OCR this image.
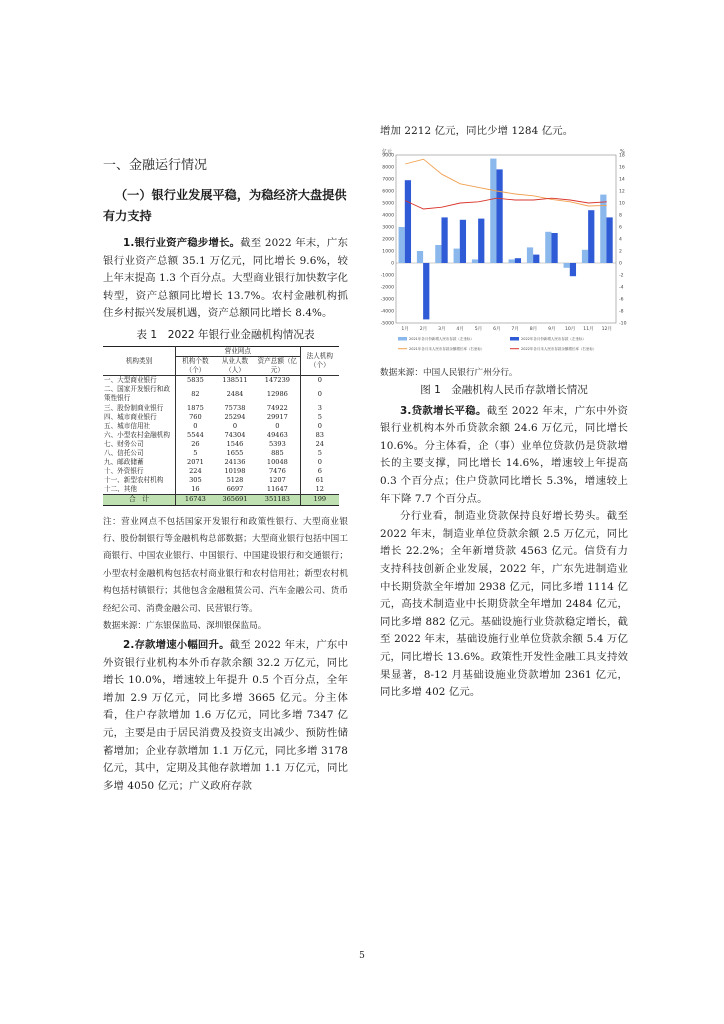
一、金融运行情况
（一）银行业发展平稳，为稳经济大盘提供有力支持

1.银行业资产稳步增长。截至 2022 年末，广东银行业资产总额 35.1 万亿元，同比增长 9.6%，较上年末提高 1.3 个百分点。大型商业银行加快数字化转型，资产总额同比增长 13.7%。农村金融机构抓住乡村振兴发展机遇，资产总额同比增长 8.4%。

表 1　2022 年银行业金融机构情况表
机构类别	营业网点			法人机构（个）
	机构个数（个）	从业人数（人）	资产总额（亿元）	
一、大型商业银行	5835	138511	147239	0
二、国家开发银行和政策性银行	82	2484	12986	0
三、股份制商业银行	1875	75738	74922	3
四、城市商业银行	760	25294	29917	5
五、城市信用社	0	0	0	0
六、小型农村金融机构	5544	74304	49463	83
七、财务公司	26	1546	5393	24
八、信托公司	5	1655	885	5
九、邮政储蓄	2071	24136	10048	0
十、外资银行	224	10198	7476	6
十一、新型农村机构	305	5128	1207	61
十二、其他	16	6697	11647	12
合　计	16743	365691	351183	199

注：营业网点不包括国家开发银行和政策性银行、大型商业银行、股份制银行等金融机构总部数据；大型商业银行包括中国工商银行、中国农业银行、中国银行、中国建设银行和交通银行；小型农村金融机构包括农村商业银行和农村信用社；新型农村机构包括村镇银行；其他包含金融租赁公司、汽车金融公司、货币经纪公司、消费金融公司、民营银行等。

数据来源：广东银保监局、深圳银保监局。

2.存款增速小幅回升。截至 2022 年末，广东中外资银行业机构本外币存款余额 32.2 万亿元，同比增长 10.0%，增速较上年提升 0.5 个百分点，全年增加 2.9 万亿元，同比多增 3665 亿元。分主体看，住户存款增加 1.6 万亿元，同比多增 7347 亿元，主要是由于居民消费及投资支出减少、预防性储蓄增加；企业存款增加 1.1 万亿元，同比多增 3178 亿元，其中，定期及其他存款增加 1.1 万亿元，同比多增 4050 亿元；广义政府存款

增加 2212 亿元，同比少增 1284 亿元。

亿元	%
9000
8000
7000
6000
5000
4000
3000
2000
1000
0
-1000
-2000
-3000
-4000
-5000
18
16
14
12
10
8
6
4
2
0
-2
-4
-6
-8
-10
1月 2月 3月 4月 5月 6月 7月 8月 9月 10月 11月 12月
2021年各月份新增人民币存款（左坐标）	2022年各月份新增人民币存款（左坐标）
2021年各月末人民币存款余额增长率（右坐标）	2022年各月末人民币存款余额增长率（右坐标）

数据来源：中国人民银行广州分行。

图 1　金融机构人民币存款增长情况

3.贷款增长平稳。截至 2022 年末，广东中外资银行业机构本外币贷款余额 24.6 万亿元，同比增长 10.6%。分主体看，企（事）业单位贷款仍是贷款增长的主要支撑，同比增长 14.6%，增速较上年提高 0.3 个百分点；住户贷款同比增长 5.3%，增速较上年下降 7.7 个百分点。

分行业看，制造业贷款保持良好增长势头。截至 2022 年末，制造业单位贷款余额 2.5 万亿元，同比增长 22.2%；全年新增贷款 4563 亿元。信贷有力支持科技创新企业发展，2022 年，广东先进制造业中长期贷款全年增加 2938 亿元，同比多增 1114 亿元，高技术制造业中长期贷款全年增加 2484 亿元，同比多增 882 亿元。基础设施行业贷款稳定增长，截至 2022 年末，基础设施行业单位贷款余额 5.4 万亿元，同比增长 13.6%。政策性开发性金融工具支持效果显著，8-12 月基础设施业贷款增加 2361 亿元，同比多增 402 亿元。

5
